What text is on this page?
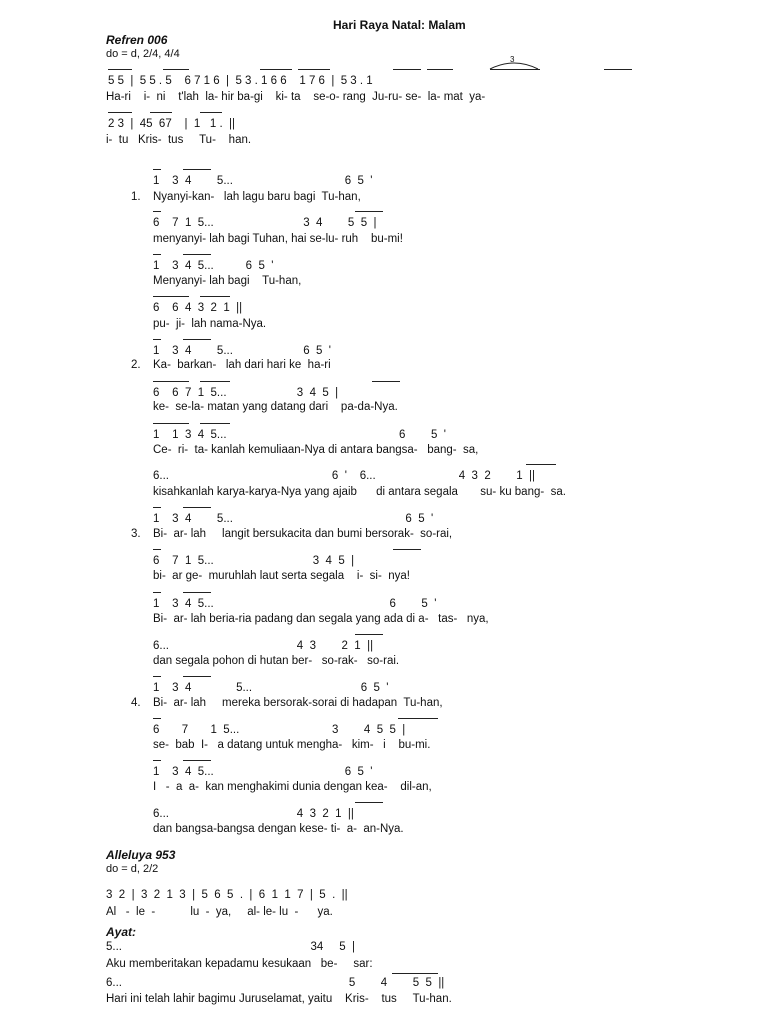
Hari Raya Natal: Malam
Refren 006
do = d, 2/4, 4/4	3
5 5  |  5 5 . 5    6 7 1 6  |  5 3 . 1 6 6    1 7 6  |  5 3 . 1
Ha-ri    i-  ni    t'lah  la- hir ba-gi    ki- ta    se-o- rang  Ju-ru- se-  la- mat  ya-
2 3  |  45  67    |  1   1 .  ||
i-  tu   Kris-  tus     Tu-    han.
1    3  4        5...                                   6  5  '
1. Nyanyi-kan-   lah lagu baru bagi  Tu-han,
6    7  1  5...                            3  4        5  5  |
menyanyi- lah bagi Tuhan, hai se-lu- ruh    bu-mi!
1    3  4  5...          6  5  '
Menyanyi- lah bagi    Tu-han,
6    6  4  3  2  1  ||
pu-  ji-  lah nama-Nya.
1    3  4        5...                      6  5  '
2. Ka-  barkan-   lah dari hari ke  ha-ri
6    6  7  1  5...                      3  4  5  |
ke-  se-la- matan yang datang dari    pa-da-Nya.
1    1  3  4  5...                                                      6        5  '
Ce-  ri-  ta- kanlah kemuliaan-Nya di antara bangsa-   bang-  sa,
6...                                                   6  '    6...                          4  3  2        1  ||
kisahkanlah karya-karya-Nya yang ajaib      di antara segala       su- ku bang-  sa.
1    3  4        5...                                                      6  5  '
3. Bi-  ar- lah     langit bersukacita dan bumi bersorak-  so-rai,
6    7  1  5...                               3  4  5  |
bi-  ar ge-  muruhlah laut serta segala    i-  si-  nya!
1    3  4  5...                                                       6        5  '
Bi-  ar- lah beria-ria padang dan segala yang ada di a-   tas-   nya,
6...                                        4  3        2  1  ||
dan segala pohon di hutan ber-   so-rak-   so-rai.
1    3  4              5...                                  6  5  '
4. Bi-  ar- lah     mereka bersorak-sorai di hadapan  Tu-han,
6       7       1  5...                             3        4  5  5  |
se-  bab  I-   a datang untuk mengha-   kim-   i    bu-mi.
1    3  4  5...                                         6  5  '
I   -  a  a-  kan menghakimi dunia dengan kea-    dil-an,
6...                                        4  3  2  1  ||
dan bangsa-bangsa dengan kese- ti-  a-  an-Nya.
Alleluya 953
do = d, 2/2
3  2  |  3  2  1  3  |  5  6  5  .  |  6  1  1  7  |  5  .  ||
Al   -  le  -           lu  -  ya,     al- le- lu  -      ya.
Ayat:
5...                                                           34     5  |
Aku memberitakan kepadamu kesukaan   be-     sar:
6...                                                                       5        4        5  5  ||
Hari ini telah lahir bagimu Juruselamat, yaitu    Kris-    tus     Tu-han.
